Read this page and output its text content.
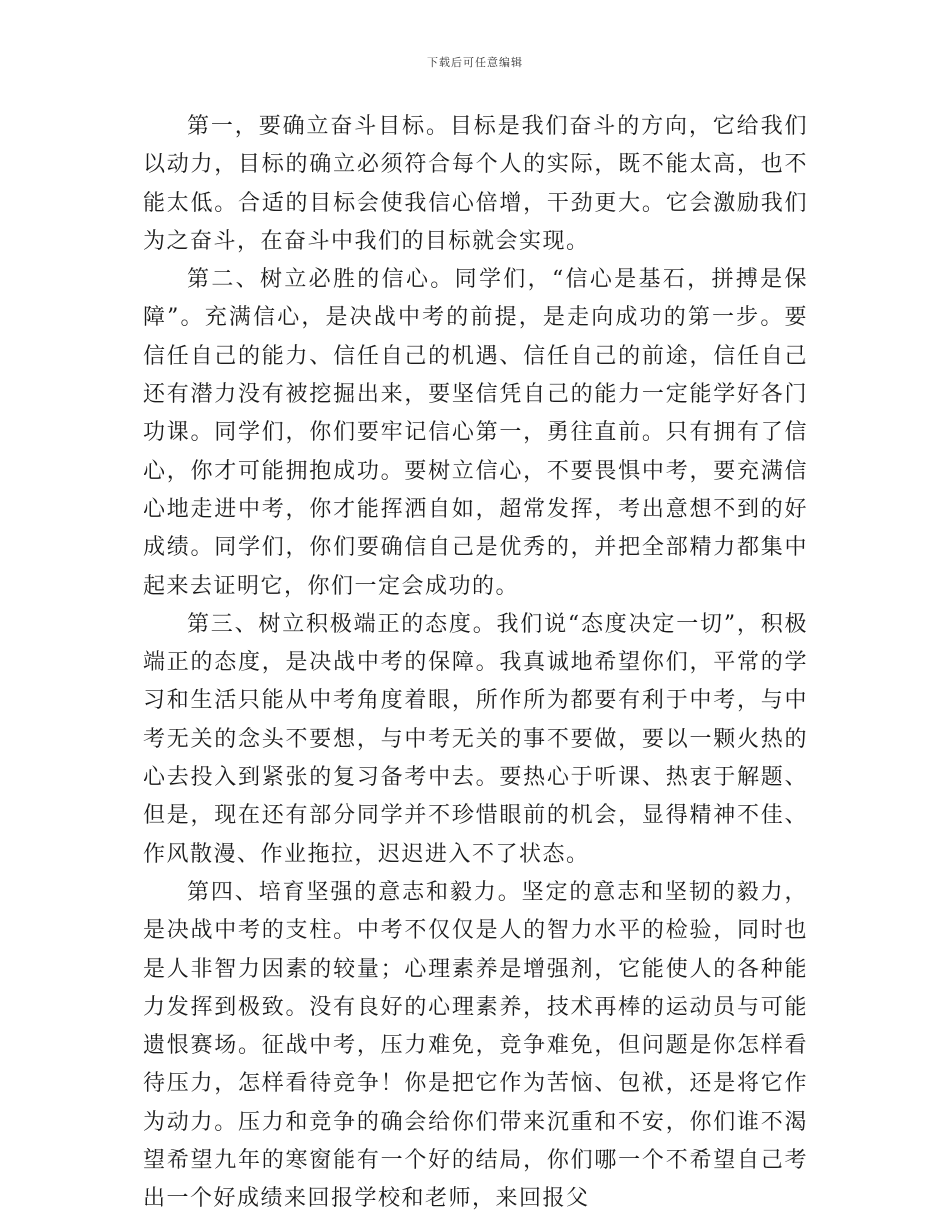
下载后可任意编辑

第一，要确立奋斗目标。目标是我们奋斗的方向，它给我们以动力，目标的确立必须符合每个人的实际，既不能太高，也不能太低。合适的目标会使我信心倍增，干劲更大。它会激励我们为之奋斗，在奋斗中我们的目标就会实现。

第二、树立必胜的信心。同学们，“信心是基石，拼搏是保障”。充满信心，是决战中考的前提，是走向成功的第一步。要信任自己的能力、信任自己的机遇、信任自己的前途，信任自己还有潜力没有被挖掘出来，要坚信凭自己的能力一定能学好各门功课。同学们，你们要牢记信心第一，勇往直前。只有拥有了信心，你才可能拥抱成功。要树立信心，不要畏惧中考，要充满信心地走进中考，你才能挥洒自如，超常发挥，考出意想不到的好成绩。同学们，你们要确信自己是优秀的，并把全部精力都集中起来去证明它，你们一定会成功的。

第三、树立积极端正的态度。我们说“态度决定一切”，积极端正的态度，是决战中考的保障。我真诚地希望你们，平常的学习和生活只能从中考角度着眼，所作所为都要有利于中考，与中考无关的念头不要想，与中考无关的事不要做，要以一颗火热的心去投入到紧张的复习备考中去。要热心于听课、热衷于解题、但是，现在还有部分同学并不珍惜眼前的机会，显得精神不佳、作风散漫、作业拖拉，迟迟进入不了状态。

第四、培育坚强的意志和毅力。坚定的意志和坚韧的毅力，是决战中考的支柱。中考不仅仅是人的智力水平的检验，同时也是人非智力因素的较量；心理素养是增强剂，它能使人的各种能力发挥到极致。没有良好的心理素养，技术再棒的运动员与可能遗恨赛场。征战中考，压力难免，竞争难免，但问题是你怎样看待压力，怎样看待竞争！你是把它作为苦恼、包袱，还是将它作为动力。压力和竞争的确会给你们带来沉重和不安，你们谁不渴望希望九年的寒窗能有一个好的结局，你们哪一个不希望自己考出一个好成绩来回报学校和老师，来回报父
